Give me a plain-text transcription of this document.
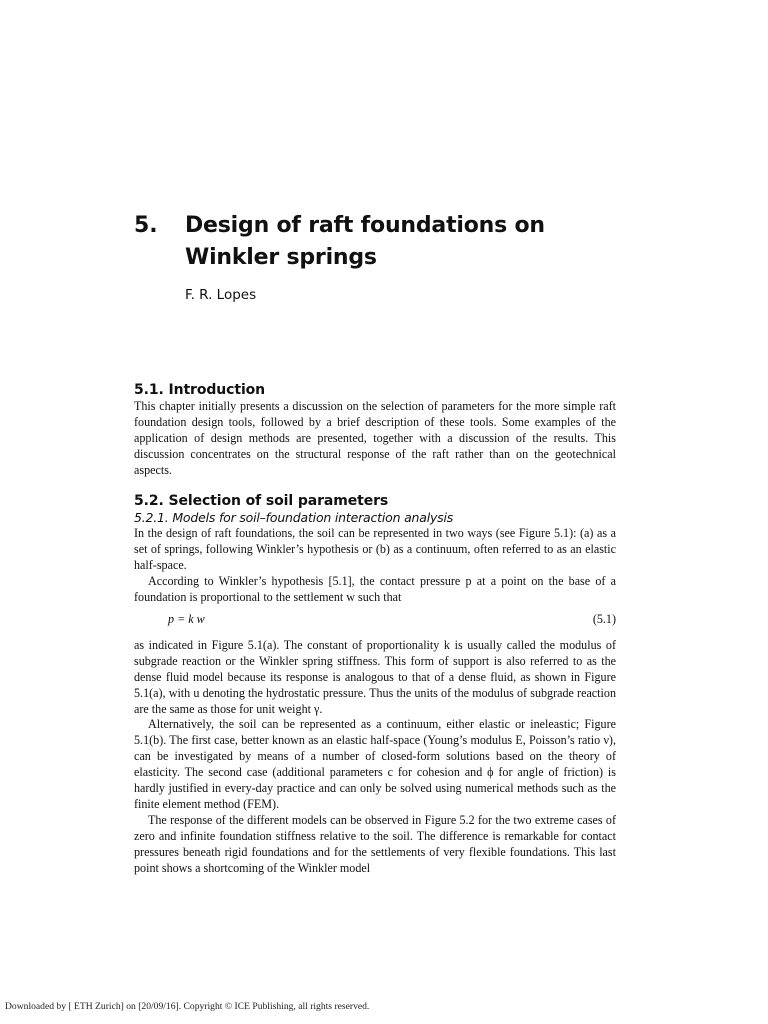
5. Design of raft foundations on Winkler springs
F. R. Lopes
5.1. Introduction

This chapter initially presents a discussion on the selection of parameters for the more simple raft foundation design tools, followed by a brief description of these tools. Some examples of the application of design methods are presented, together with a discussion of the results. This discussion concentrates on the structural response of the raft rather than on the geotechnical aspects.

5.2. Selection of soil parameters
5.2.1. Models for soil–foundation interaction analysis

In the design of raft foundations, the soil can be represented in two ways (see Figure 5.1): (a) as a set of springs, following Winkler’s hypothesis or (b) as a continuum, often referred to as an elastic half-space.

According to Winkler’s hypothesis [5.1], the contact pressure p at a point on the base of a foundation is proportional to the settlement w such that

p = k w	(5.1)

as indicated in Figure 5.1(a). The constant of proportionality k is usually called the modulus of subgrade reaction or the Winkler spring stiffness. This form of support is also referred to as the dense fluid model because its response is analogous to that of a dense fluid, as shown in Figure 5.1(a), with u denoting the hydrostatic pressure. Thus the units of the modulus of subgrade reaction are the same as those for unit weight γ.

Alternatively, the soil can be represented as a continuum, either elastic or ineleastic; Figure 5.1(b). The first case, better known as an elastic half-space (Young’s modulus E, Poisson’s ratio ν), can be investigated by means of a number of closed-form solutions based on the theory of elasticity. The second case (additional parameters c for cohesion and ϕ for angle of friction) is hardly justified in every-day practice and can only be solved using numerical methods such as the finite element method (FEM).

The response of the different models can be observed in Figure 5.2 for the two extreme cases of zero and infinite foundation stiffness relative to the soil. The difference is remarkable for contact pressures beneath rigid foundations and for the settlements of very flexible foundations. This last point shows a shortcoming of the Winkler model

Downloaded by [ ETH Zurich] on [20/09/16]. Copyright © ICE Publishing, all rights reserved.
